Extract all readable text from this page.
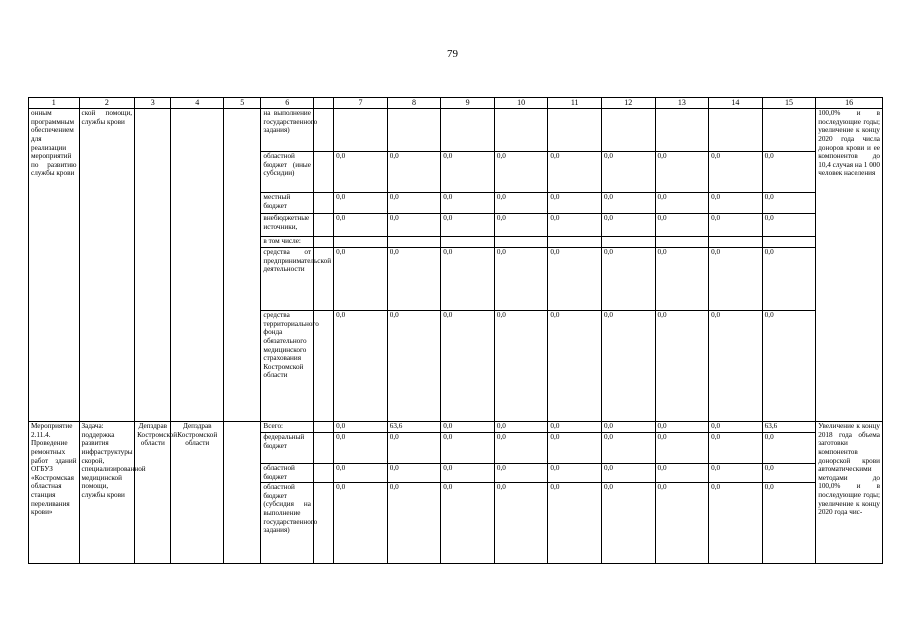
79
1	2	3	4	5	6		7	8	9	10	11	12	13	14	15	16
онным программным обеспечением для реализации мероприятий по развитию службы крови	ской помощи, службы крови				на выполнение государственного задания)											100,0% и в последующие годы; увеличение к концу 2020 года числа доноров крови и ее компонентов до 10,4 случая на 1 000 человек населения
					областной бюджет (иные субсидии)		0,0	0,0	0,0	0,0	0,0	0,0	0,0	0,0	0,0	
					местный бюджет		0,0	0,0	0,0	0,0	0,0	0,0	0,0	0,0	0,0	
					внебюджетные источники,		0,0	0,0	0,0	0,0	0,0	0,0	0,0	0,0	0,0	
					в том числе:											
					средства от предпринимательской деятельности		0,0	0,0	0,0	0,0	0,0	0,0	0,0	0,0	0,0	
					средства территориального фонда обязательного медицинского страхования Костромской области		0,0	0,0	0,0	0,0	0,0	0,0	0,0	0,0	0,0	
Мероприятие 2.11.4. Проведение ремонтных работ зданий ОГБУЗ «Костромская областная станция переливания крови»	Задача: поддержка развития инфраструктуры скорой, специализированной медицинской помощи, службы крови	Депздрав Костромской области	Депздрав Костромской области		Всего:		0,0	63,6	0,0	0,0	0,0	0,0	0,0	0,0	63,6	Увеличение к концу 2018 года объема заготовки компонентов донорской крови автоматическими методами до 100,0% и в последующие годы; увеличение к концу 2020 года чис-
					федеральный бюджет		0,0	0,0	0,0	0,0	0,0	0,0	0,0	0,0	0,0	
					областной бюджет		0,0	0,0	0,0	0,0	0,0	0,0	0,0	0,0	0,0	
					областной бюджет (субсидия на выполнение государственного задания)		0,0	0,0	0,0	0,0	0,0	0,0	0,0	0,0	0,0	
